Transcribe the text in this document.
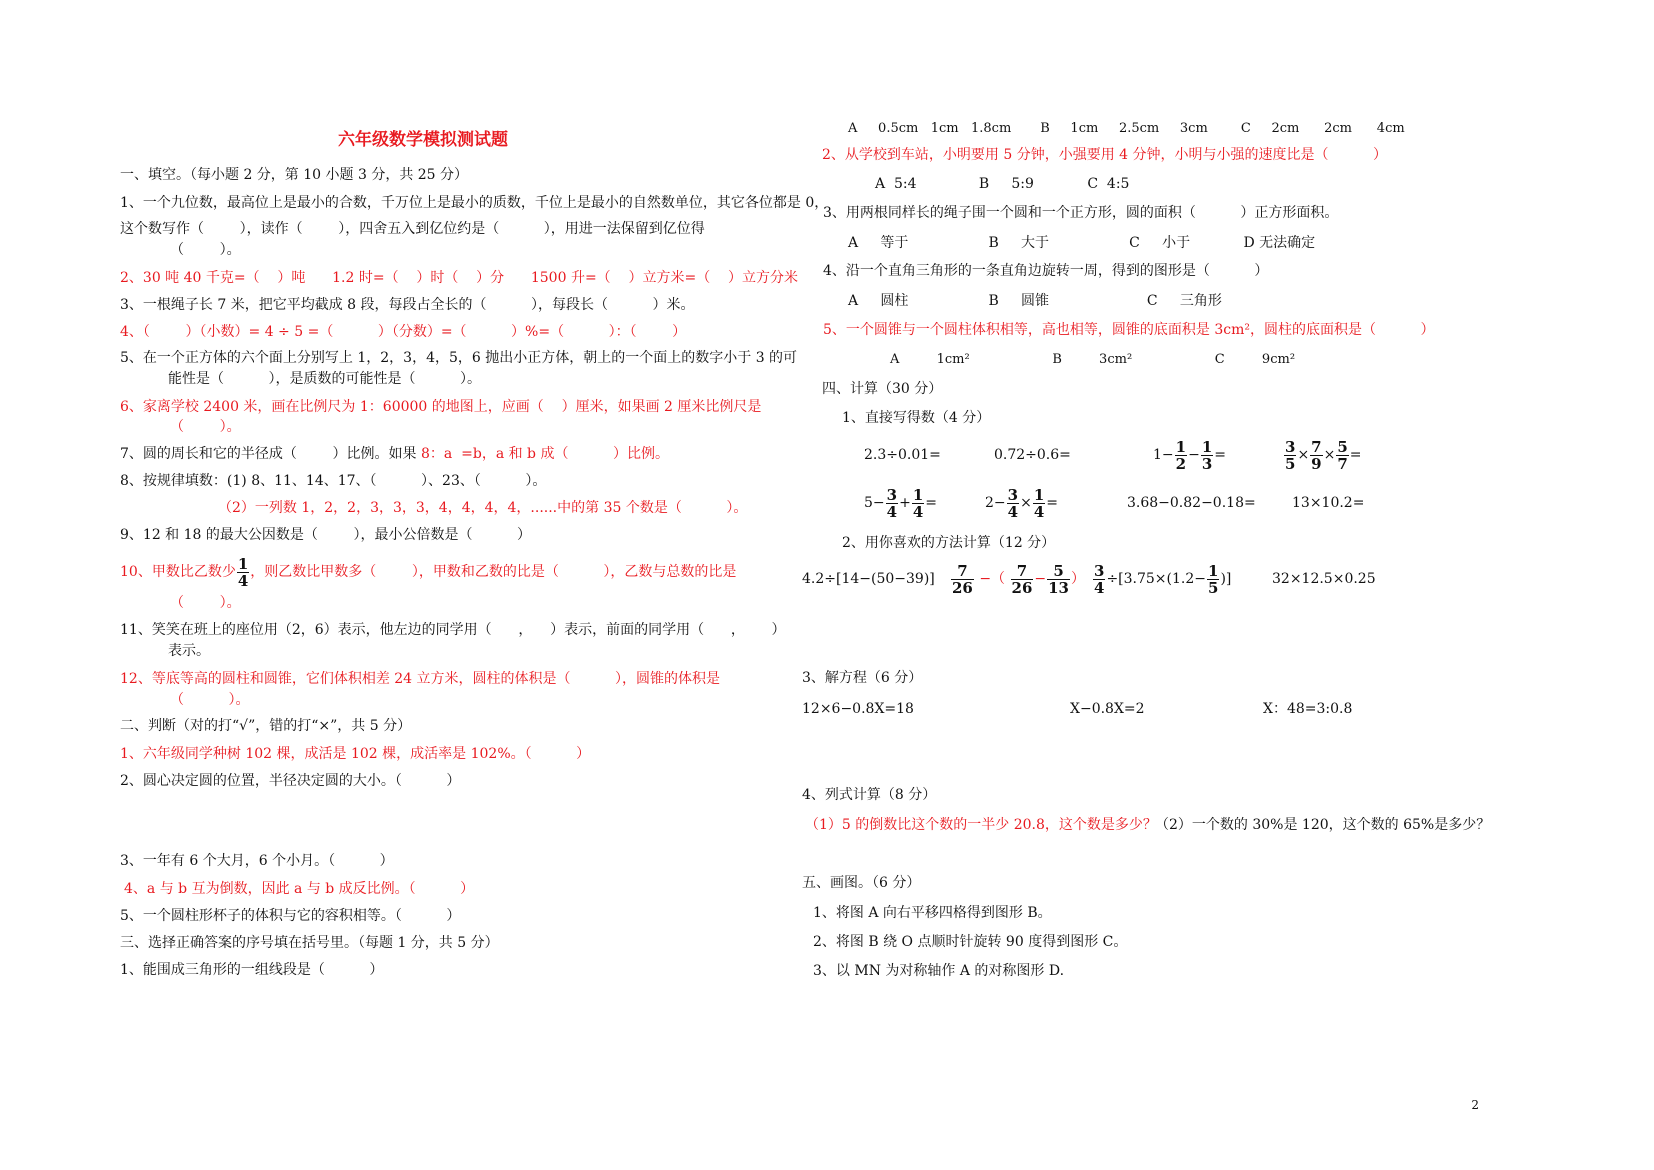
六年级数学模拟测试题
一、填空。（每小题 2 分，第 10 小题 3 分，共 25 分）
1、一个九位数，最高位上是最小的合数，千万位上是最小的质数，千位上是最小的自然数单位，其它各位都是 0，
这个数写作（        ），读作（        ），四舍五入到亿位约是（          ），用进一法保留到亿位得
（        ）。
2、30 吨 40 千克=（    ）吨      1.2 时=（    ）时（    ）分      1500 升=（    ）立方米=（    ）立方分米
3、一根绳子长 7 米，把它平均截成 8 段，每段占全长的（          ），每段长（          ）米。
4、（        ）（小数）= 4 ÷ 5 =（          ）（分数）=（          ）%=（          ）：（        ）
5、在一个正方体的六个面上分别写上 1，2，3，4，5，6 抛出小正方体，朝上的一个面上的数字小于 3 的可
能性是（          ），是质数的可能性是（          ）。
6、家离学校 2400 米，画在比例尺为 1：60000 的地图上，应画（    ）厘米，如果画 2 厘米比例尺是
（        ）。
7、圆的周长和它的半径成（        ）比例。如果 8：a  =b，a 和 b 成（          ）比例。
8、按规律填数：(1) 8、11、14、17、（          ）、23、（          ）。
（2）一列数 1，2，2，3，3，3，4，4，4，4，......中的第 35 个数是（          ）。
9、12 和 18 的最大公因数是（        ），最小公倍数是（          ）
10、甲数比乙数少 $\frac{1}{4}$ ，则乙数比甲数多（        ），甲数和乙数的比是（          ），乙数与总数的比是
（        ）。
11、笑笑在班上的座位用（2，6）表示，他左边的同学用（      ，    ）表示，前面的同学用（      ，      ）
表示。
12、等底等高的圆柱和圆锥，它们体积相差 24 立方米，圆柱的体积是（          ），圆锥的体积是
（          ）。
二、判断（对的打“√”，错的打“×”，共 5 分）
1、六年级同学种树 102 棵，成活是 102 棵，成活率是 102%。（          ）
2、圆心决定圆的位置，半径决定圆的大小。（          ）
3、一年有 6 个大月，6 个小月。（          ）
4、a 与 b 互为倒数，因此 a 与 b 成反比例。（          ）
5、一个圆柱形杯子的体积与它的容积相等。（          ）
三、选择正确答案的序号填在括号里。（每题 1 分，共 5 分）
1、能围成三角形的一组线段是（          ）
A     0.5cm   1cm   1.8cm       B     1cm     2.5cm     3cm        C     2cm      2cm      4cm
2、从学校到车站，小明要用 5 分钟，小强要用 4 分钟，小明与小强的速度比是（          ）
A  5:4              B     5:9            C  4:5
3、用两根同样长的绳子围一个圆和一个正方形，圆的面积（          ）正方形面积。
A     等于                  B     大于                  C     小于            D 无法确定
4、沿一个直角三角形的一条直角边旋转一周，得到的图形是（          ）
A     圆柱                  B     圆锥                      C     三角形
5、一个圆锥与一个圆柱体积相等，高也相等，圆锥的底面积是 3cm²，圆柱的底面积是（          ）
A         1cm²                    B         3cm²                    C         9cm²
四、计算（30 分）
1、直接写得数（4 分）
2.3÷0.01=	0.72÷0.6=	$1- \frac{1}{2} - \frac{1}{3}$ =	$\frac{3}{5} \times \frac{7}{9} \times \frac{5}{7}$ =
$5- \frac{3}{4} + \frac{1}{4}$ =	$2- \frac{3}{4} \times \frac{1}{4}$ =	3.68−0.82−0.18=	13×10.2=
2、用你喜欢的方法计算（12 分）
$4.2\div[14-(50-39)] \frac{7}{26}$ −（ $\frac{7}{26} - \frac{5}{13}$ ） $\frac{3}{4} \div[3.75\times(1.2- \frac{1}{5}$ )]	32×12.5×0.25
3、解方程（6 分）
12×6−0.8X=18	X−0.8X=2	X：48=3:0.8
4、列式计算（8 分）
（1）5 的倒数比这个数的一半少 20.8，这个数是多少？
（2）一个数的 30%是 120，这个数的 65%是多少？
五、画图。（6 分）
1、将图 A 向右平移四格得到图形 B。
2、将图 B 绕 O 点顺时针旋转 90 度得到图形 C。
3、以 MN 为对称轴作 A 的对称图形 D.
2
